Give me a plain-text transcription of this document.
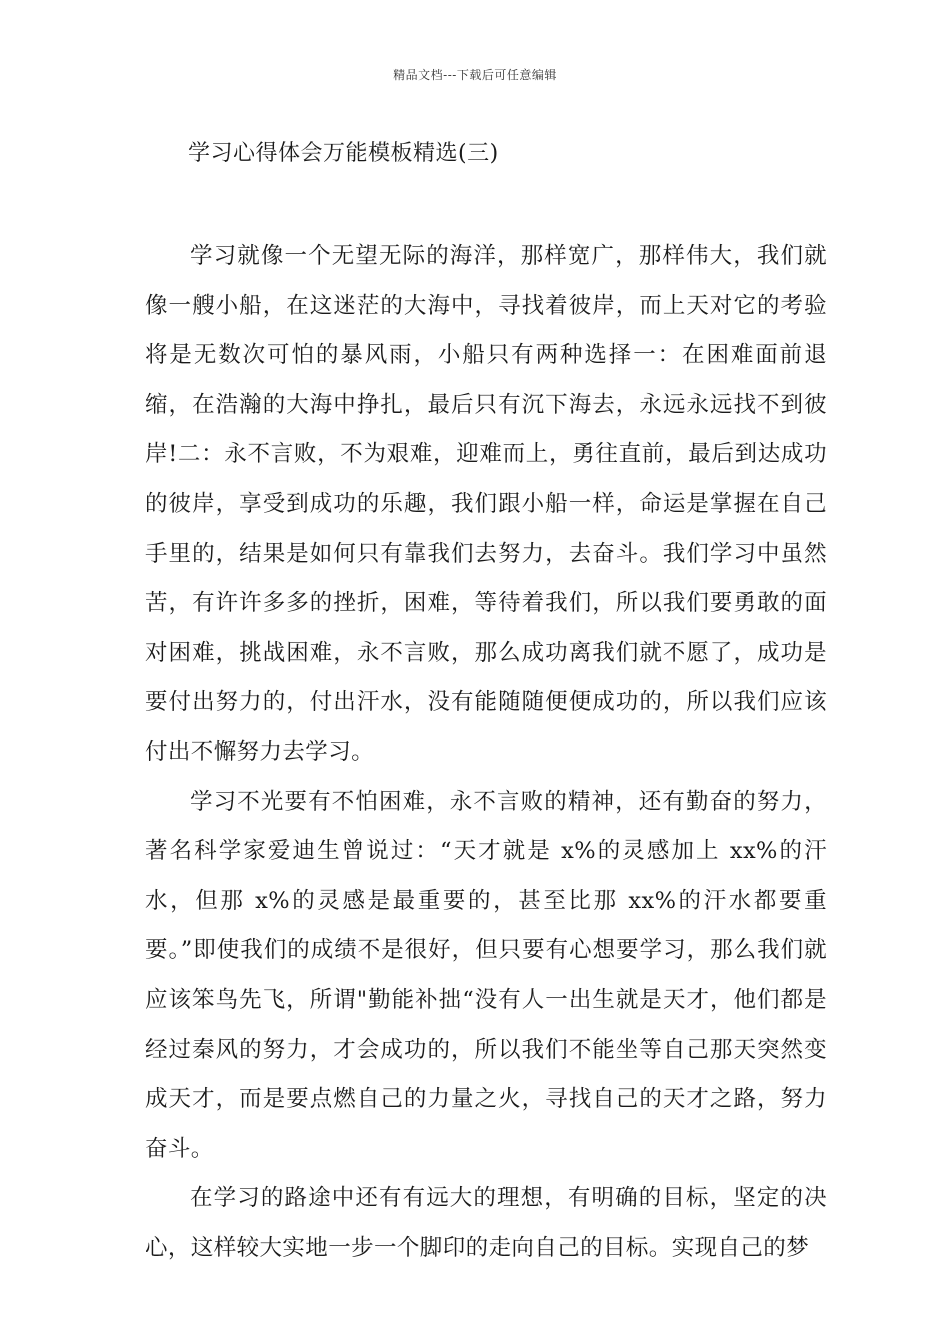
精品文档---下载后可任意编辑
学习心得体会万能模板精选(三)

学习就像一个无望无际的海洋，那样宽广，那样伟大，我们就像一艘小船，在这迷茫的大海中，寻找着彼岸，而上天对它的考验将是无数次可怕的暴风雨，小船只有两种选择一：在困难面前退缩，在浩瀚的大海中挣扎，最后只有沉下海去，永远永远找不到彼岸!二：永不言败，不为艰难，迎难而上，勇往直前，最后到达成功的彼岸，享受到成功的乐趣，我们跟小船一样，命运是掌握在自己手里的，结果是如何只有靠我们去努力，去奋斗。我们学习中虽然苦，有许许多多的挫折，困难，等待着我们，所以我们要勇敢的面对困难，挑战困难，永不言败，那么成功离我们就不愿了，成功是要付出努力的，付出汗水，没有能随随便便成功的，所以我们应该付出不懈努力去学习。

学习不光要有不怕困难，永不言败的精神，还有勤奋的努力，著名科学家爱迪生曾说过：“天才就是 x%的灵感加上 xx%的汗水，但那 x%的灵感是最重要的，甚至比那 xx%的汗水都要重要。”即使我们的成绩不是很好，但只要有心想要学习，那么我们就应该笨鸟先飞，所谓"勤能补拙“没有人一出生就是天才，他们都是经过秦风的努力，才会成功的，所以我们不能坐等自己那天突然变成天才，而是要点燃自己的力量之火，寻找自己的天才之路，努力奋斗。

在学习的路途中还有有远大的理想，有明确的目标，坚定的决心，这样较大实地一步一个脚印的走向自己的目标。实现自己的梦
